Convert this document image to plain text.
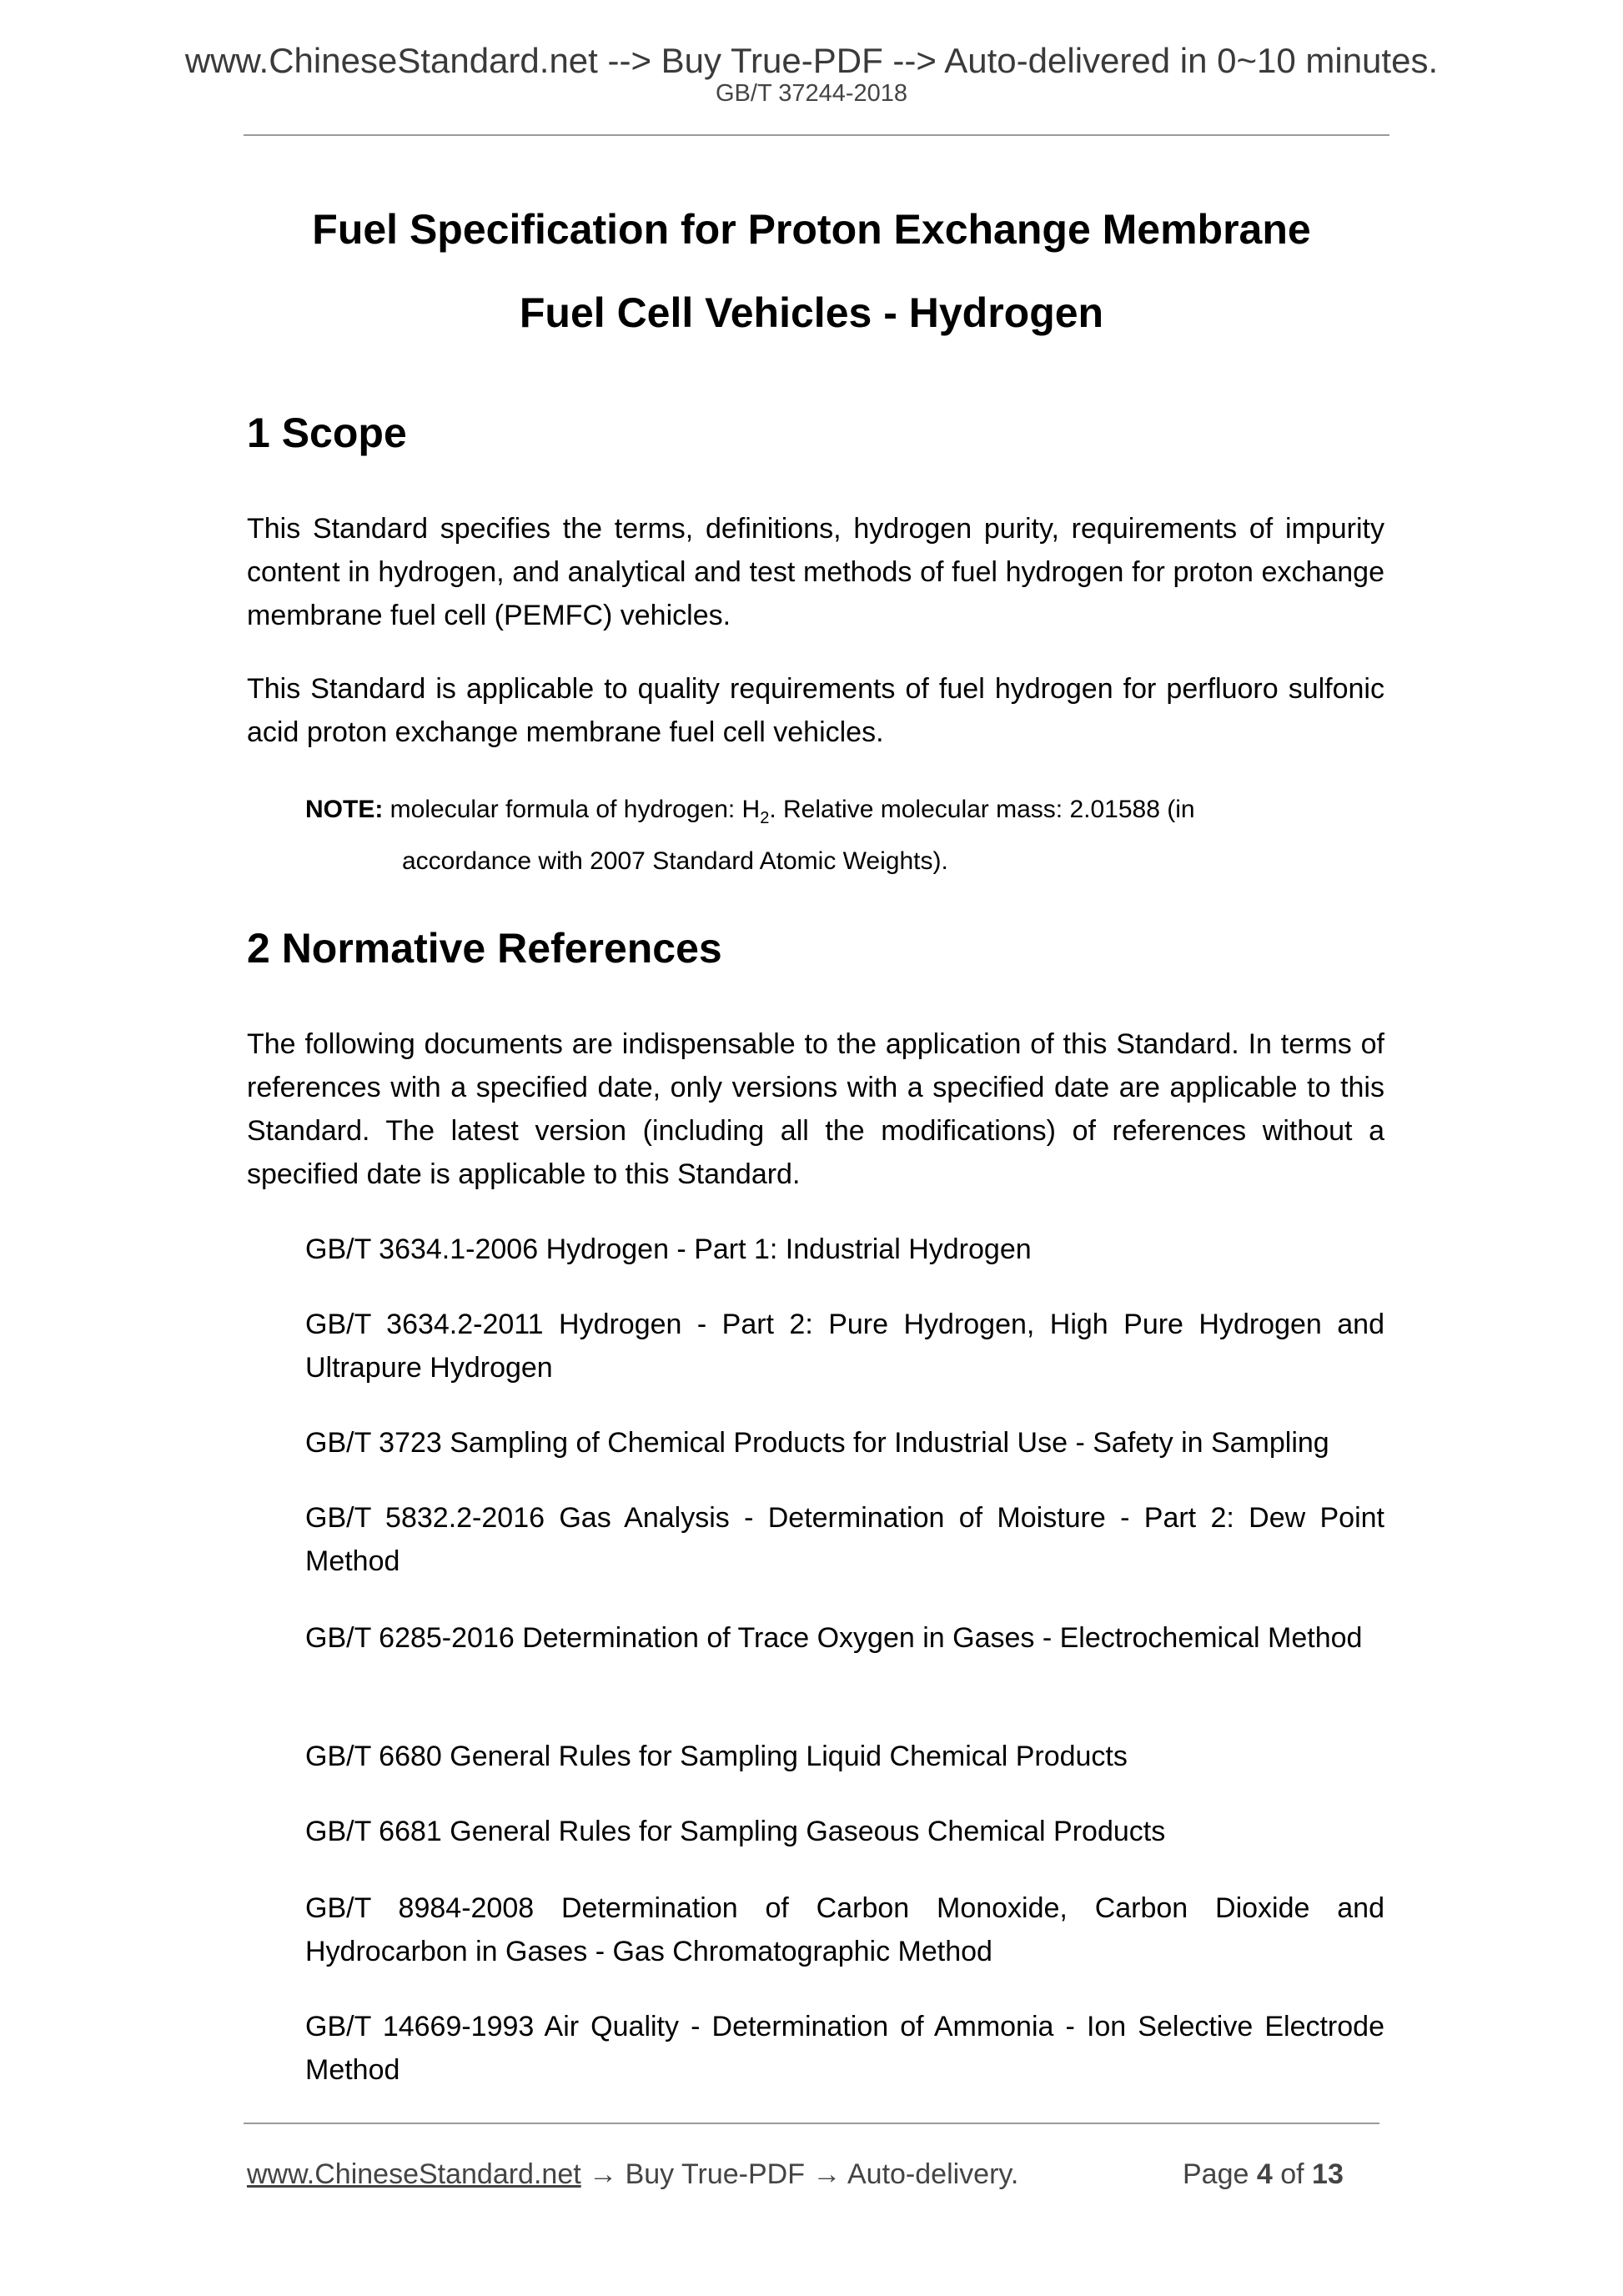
www.ChineseStandard.net --> Buy True-PDF --> Auto-delivered in 0~10 minutes.
GB/T 37244-2018
Fuel Specification for Proton Exchange Membrane
Fuel Cell Vehicles - Hydrogen
1 Scope
This Standard specifies the terms, definitions, hydrogen purity, requirements of impurity content in hydrogen, and analytical and test methods of fuel hydrogen for proton exchange membrane fuel cell (PEMFC) vehicles.
This Standard is applicable to quality requirements of fuel hydrogen for perfluoro sulfonic acid proton exchange membrane fuel cell vehicles.
NOTE: molecular formula of hydrogen: $H_2$. Relative molecular mass: 2.01588 (in
accordance with 2007 Standard Atomic Weights).
2 Normative References
The following documents are indispensable to the application of this Standard. In terms of references with a specified date, only versions with a specified date are applicable to this Standard. The latest version (including all the modifications) of references without a specified date is applicable to this Standard.
GB/T 3634.1-2006 Hydrogen - Part 1: Industrial Hydrogen
GB/T 3634.2-2011 Hydrogen - Part 2: Pure Hydrogen, High Pure Hydrogen and Ultrapure Hydrogen
GB/T 3723 Sampling of Chemical Products for Industrial Use - Safety in Sampling
GB/T 5832.2-2016 Gas Analysis - Determination of Moisture - Part 2: Dew Point Method
GB/T 6285-2016 Determination of Trace Oxygen in Gases - Electrochemical Method
GB/T 6680 General Rules for Sampling Liquid Chemical Products
GB/T 6681 General Rules for Sampling Gaseous Chemical Products
GB/T 8984-2008 Determination of Carbon Monoxide, Carbon Dioxide and Hydrocarbon in Gases - Gas Chromatographic Method
GB/T 14669-1993 Air Quality - Determination of Ammonia - Ion Selective Electrode Method
www.ChineseStandard.net → Buy True-PDF → Auto-delivery.	Page 4 of 13
